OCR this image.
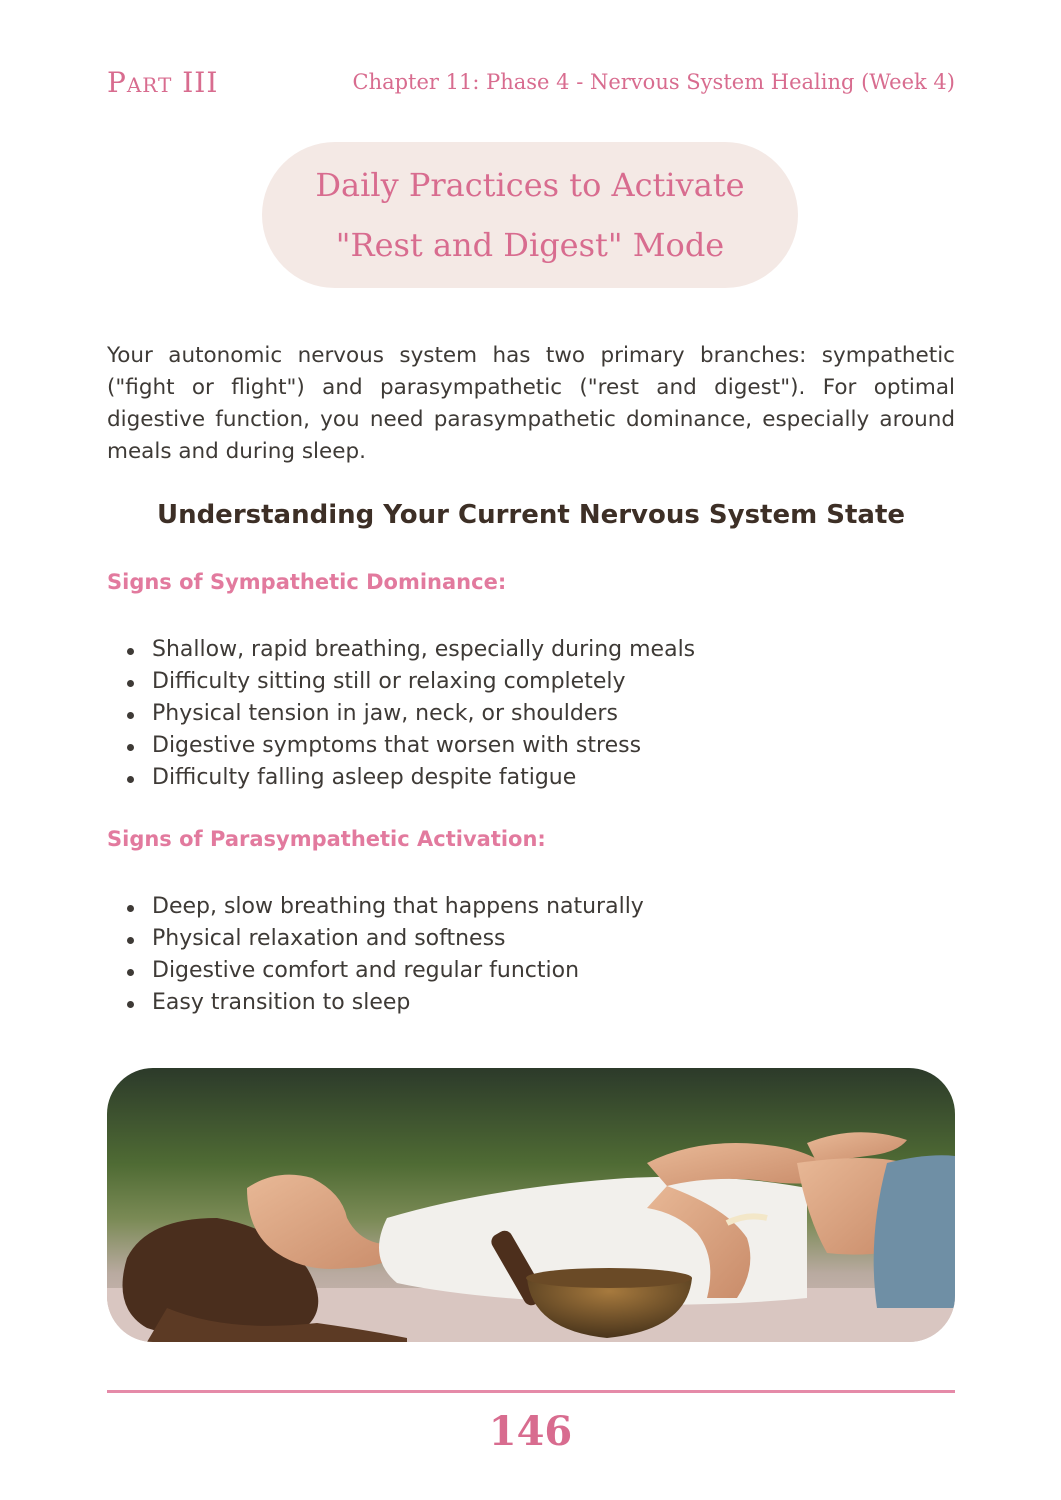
Part III	Chapter 11: Phase 4 - Nervous System Healing (Week 4)
Daily Practices to Activate
"Rest and Digest" Mode

Your autonomic nervous system has two primary branches: sympathetic ("fight or flight") and parasympathetic ("rest and digest"). For optimal digestive function, you need parasympathetic dominance, especially around meals and during sleep.

Understanding Your Current Nervous System State
Signs of Sympathetic Dominance:
Shallow, rapid breathing, especially during meals
Difficulty sitting still or relaxing completely
Physical tension in jaw, neck, or shoulders
Digestive symptoms that worsen with stress
Difficulty falling asleep despite fatigue
Signs of Parasympathetic Activation:
Deep, slow breathing that happens naturally
Physical relaxation and softness
Digestive comfort and regular function
Easy transition to sleep
146
